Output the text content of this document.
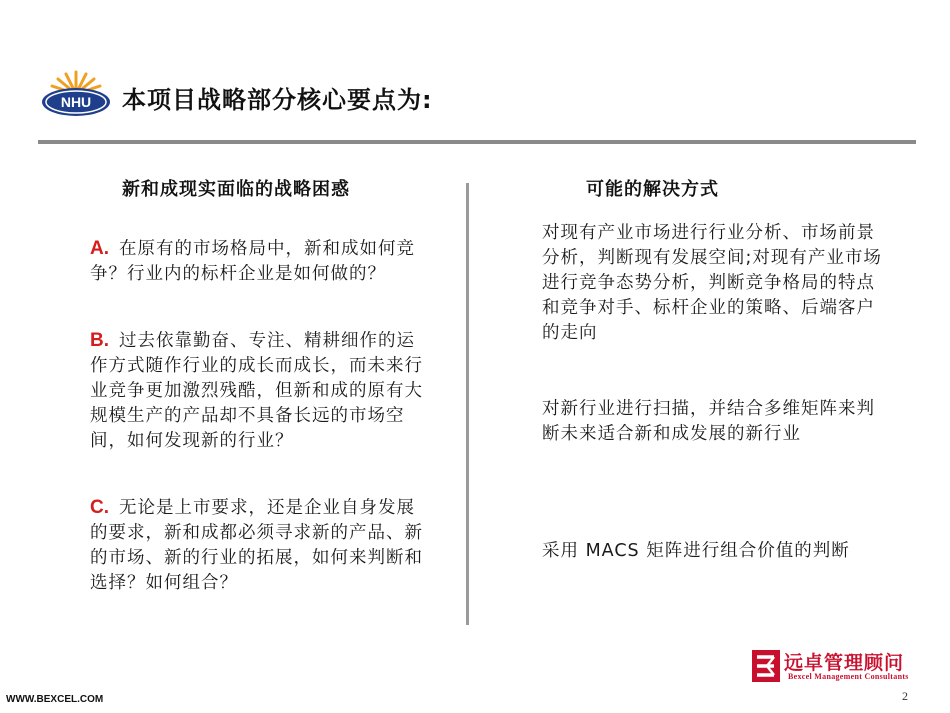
NHU 本项目战略部分核心要点为:
新和成现实面临的战略困惑	可能的解决方式
A. 在原有的市场格局中，新和成如何竞争？行业内的标杆企业是如何做的？
B. 过去依靠勤奋、专注、精耕细作的运作方式随作行业的成长而成长，而未来行业竞争更加激烈残酷，但新和成的原有大规模生产的产品却不具备长远的市场空间，如何发现新的行业？
C. 无论是上市要求，还是企业自身发展的要求，新和成都必须寻求新的产品、新的市场、新的行业的拓展，如何来判断和选择？如何组合？
对现有产业市场进行行业分析、市场前景分析，判断现有发展空间;对现有产业市场进行竞争态势分析，判断竞争格局的特点和竞争对手、标杆企业的策略、后端客户的走向
对新行业进行扫描，并结合多维矩阵来判断未来适合新和成发展的新行业
采用 MACS 矩阵进行组合价值的判断
WWW.BEXCEL.COM	2
远卓管理顾问
Bexcel Management Consultants
